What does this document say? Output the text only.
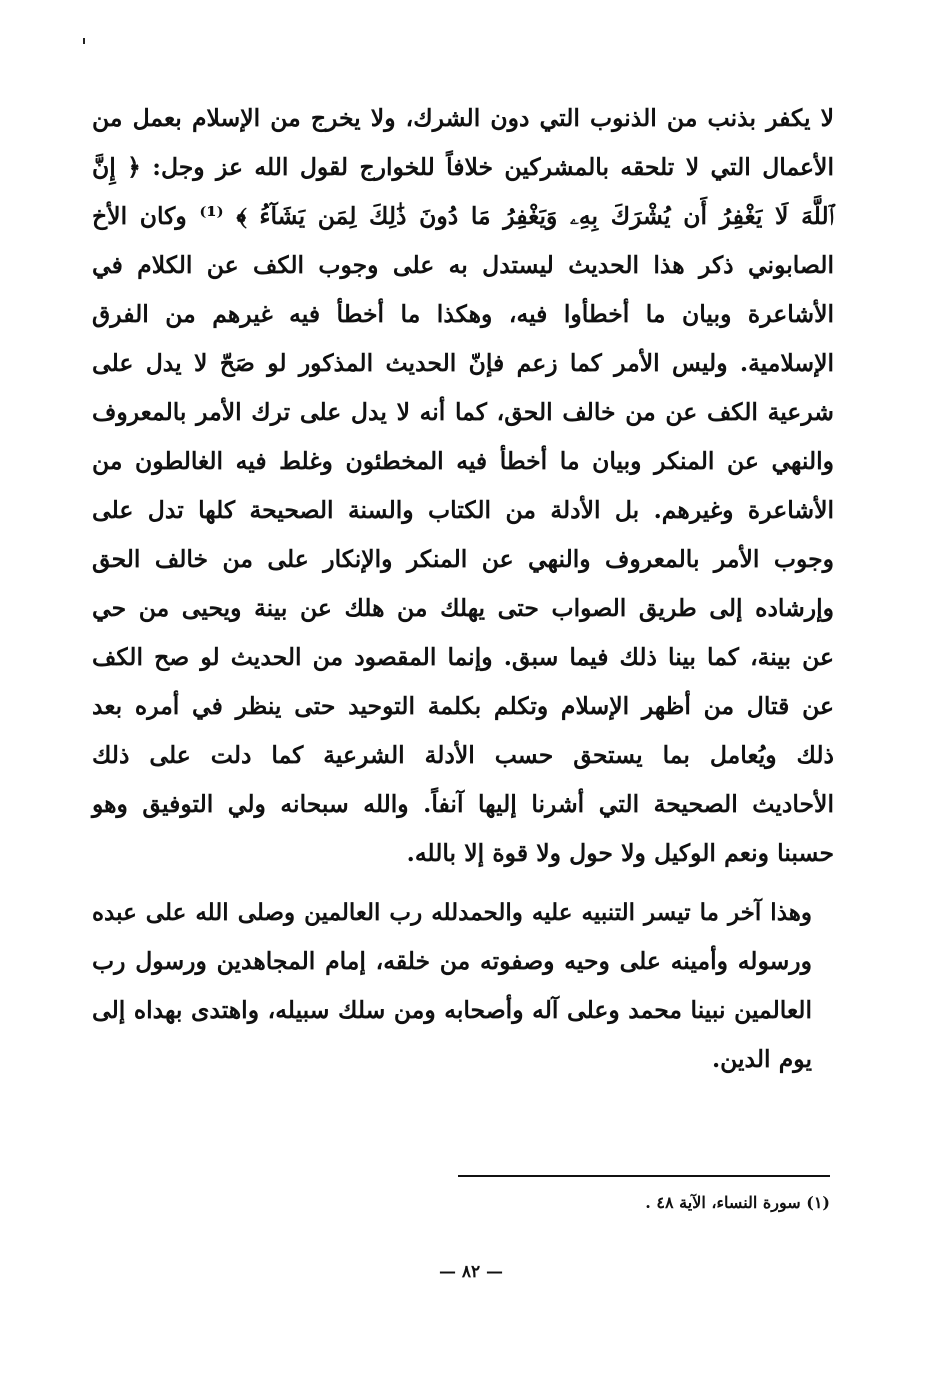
لا يكفر بذنب من الذنوب التي دون الشرك، ولا يخرج من الإسلام بعمل من
الأعمال التي لا تلحقه بالمشركين خلافاً للخوارج لقول الله عز وجل: ﴿ إِنَّ
ٱللَّهَ لَا يَغْفِرُ أَن يُشْرَكَ بِهِۦ وَيَغْفِرُ مَا دُونَ ذَٰلِكَ لِمَن يَشَآءُ ﴾ ⁽¹⁾ وكان الأخ
الصابوني ذكر هذا الحديث ليستدل به على وجوب الكف عن الكلام في
الأشاعرة وبيان ما أخطأوا فيه، وهكذا ما أخطأ فيه غيرهم من الفرق
الإسلامية. وليس الأمر كما زعم فإنّ الحديث المذكور لو صَحّ لا يدل على
شرعية الكف عن من خالف الحق، كما أنه لا يدل على ترك الأمر بالمعروف
والنهي عن المنكر وبيان ما أخطأ فيه المخطئون وغلط فيه الغالطون من
الأشاعرة وغيرهم. بل الأدلة من الكتاب والسنة الصحيحة كلها تدل على
وجوب الأمر بالمعروف والنهي عن المنكر والإنكار على من خالف الحق
وإرشاده إلى طريق الصواب حتى يهلك من هلك عن بينة ويحيى من حي
عن بينة، كما بينا ذلك فيما سبق. وإنما المقصود من الحديث لو صح الكف
عن قتال من أظهر الإسلام وتكلم بكلمة التوحيد حتى ينظر في أمره بعد
ذلك ويُعامل بما يستحق حسب الأدلة الشرعية كما دلت على ذلك
الأحاديث الصحيحة التي أشرنا إليها آنفاً. والله سبحانه ولي التوفيق وهو
حسبنا ونعم الوكيل ولا حول ولا قوة إلا بالله.
وهذا آخر ما تيسر التنبيه عليه والحمدلله رب العالمين وصلى الله على عبده
ورسوله وأمينه على وحيه وصفوته من خلقه، إمام المجاهدين ورسول رب
العالمين نبينا محمد وعلى آله وأصحابه ومن سلك سبيله، واهتدى بهداه إلى
يوم الدين.
(١) سورة النساء، الآية ٤٨ .
— ٨٢ —
